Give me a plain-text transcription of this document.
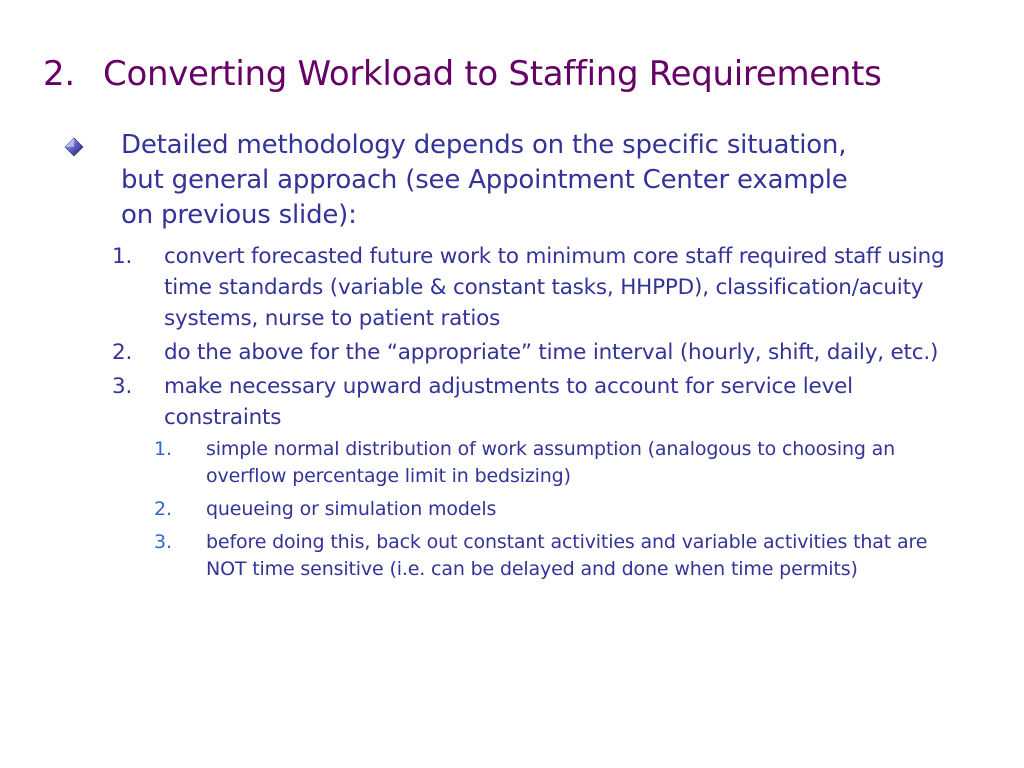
2. Converting Workload to Staffing Requirements

Detailed methodology depends on the specific situation, but general approach (see Appointment Center example on previous slide):

1. convert forecasted future work to minimum core staff required staff using time standards (variable & constant tasks, HHPPD), classification/acuity systems, nurse to patient ratios
2. do the above for the “appropriate” time interval (hourly, shift, daily, etc.)
3. make necessary upward adjustments to account for service level constraints
1. simple normal distribution of work assumption (analogous to choosing an overflow percentage limit in bedsizing)
2. queueing or simulation models
3. before doing this, back out constant activities and variable activities that are NOT time sensitive (i.e. can be delayed and done when time permits)
